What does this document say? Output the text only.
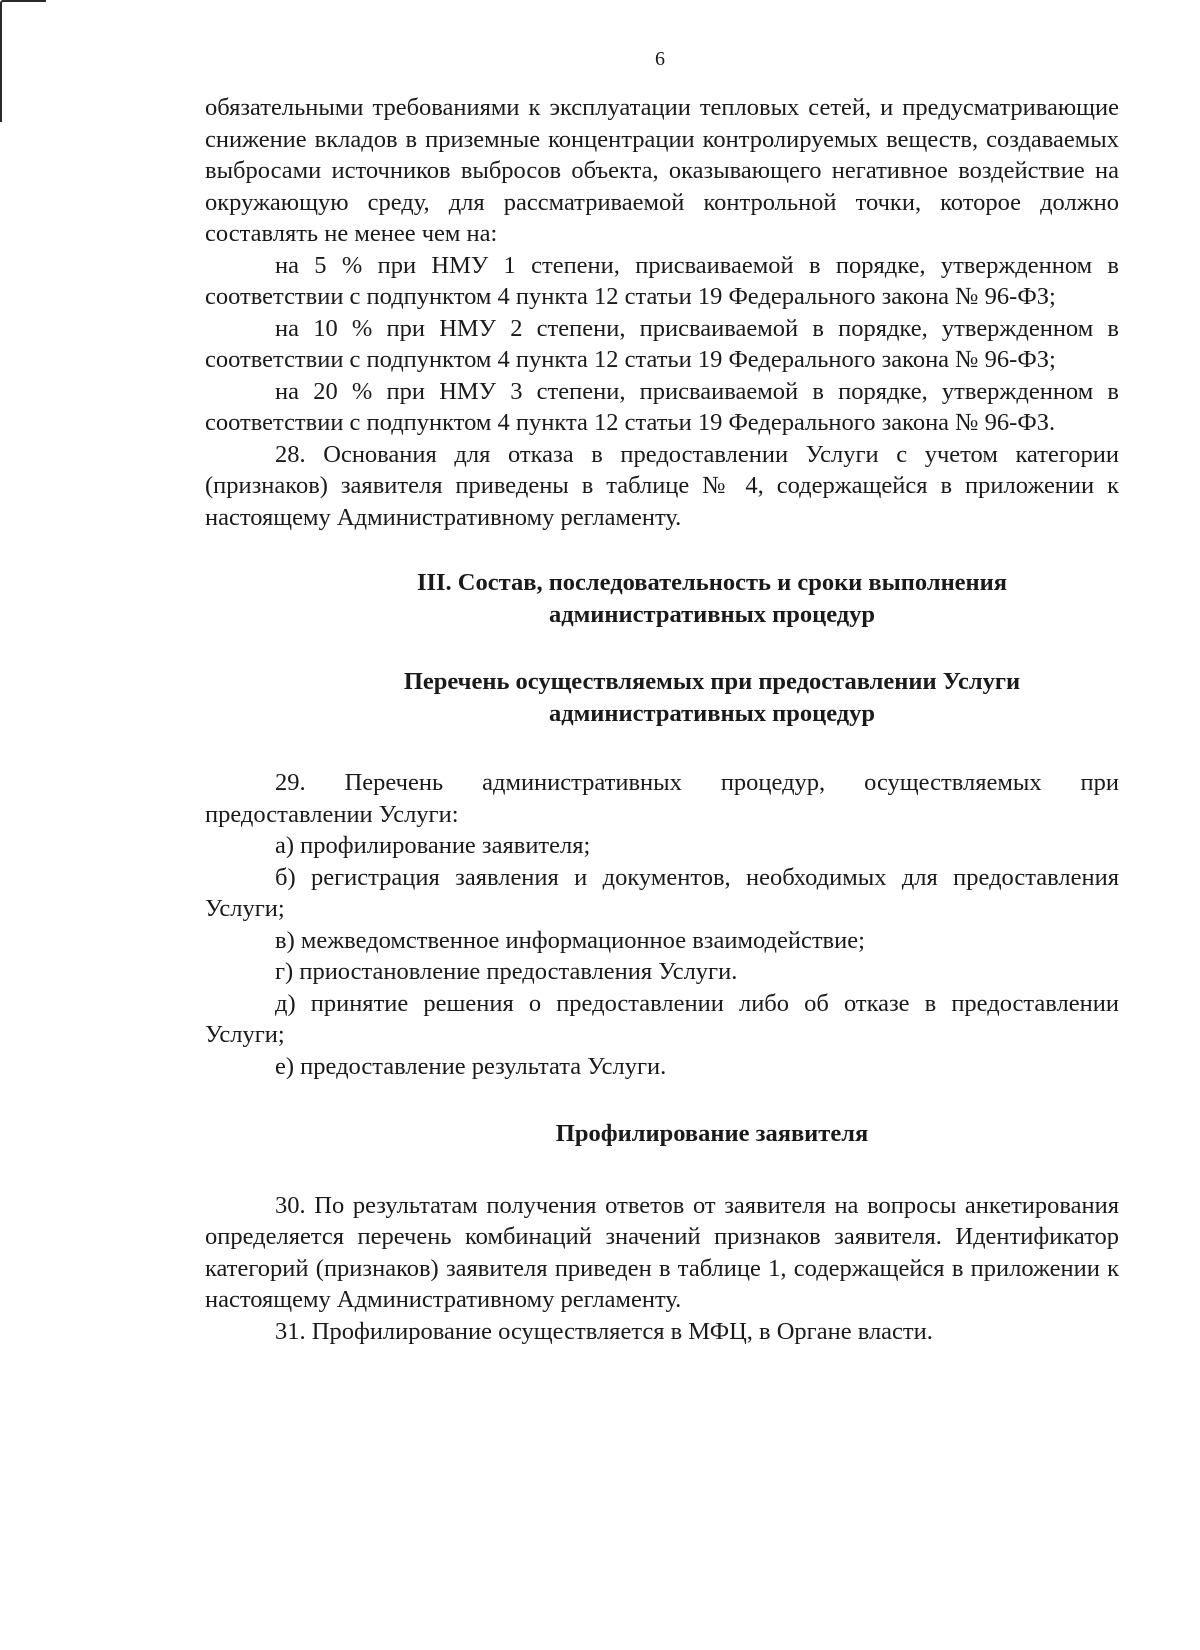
6

обязательными требованиями к эксплуатации тепловых сетей, и предусматривающие снижение вкладов в приземные концентрации контролируемых веществ, создаваемых выбросами источников выбросов объекта, оказывающего негативное воздействие на окружающую среду, для рассматриваемой контрольной точки, которое должно составлять не менее чем на:

на 5 % при НМУ 1 степени, присваиваемой в порядке, утвержденном в соответствии с подпунктом 4 пункта 12 статьи 19 Федерального закона № 96-ФЗ;

на 10 % при НМУ 2 степени, присваиваемой в порядке, утвержденном в соответствии с подпунктом 4 пункта 12 статьи 19 Федерального закона № 96-ФЗ;

на 20 % при НМУ 3 степени, присваиваемой в порядке, утвержденном в соответствии с подпунктом 4 пункта 12 статьи 19 Федерального закона № 96-ФЗ.

28. Основания для отказа в предоставлении Услуги с учетом категории (признаков) заявителя приведены в таблице № 4, содержащейся в приложении к настоящему Административному регламенту.

III. Состав, последовательность и сроки выполнения

административных процедур

Перечень осуществляемых при предоставлении Услуги

административных процедур

29. Перечень административных процедур, осуществляемых при предоставлении Услуги:

а) профилирование заявителя;

б) регистрация заявления и документов, необходимых для предоставления Услуги;

в) межведомственное информационное взаимодействие;

г) приостановление предоставления Услуги.

д) принятие решения о предоставлении либо об отказе в предоставлении Услуги;

е) предоставление результата Услуги.

Профилирование заявителя

30. По результатам получения ответов от заявителя на вопросы анкетирования определяется перечень комбинаций значений признаков заявителя. Идентификатор категорий (признаков) заявителя приведен в таблице 1, содержащейся в приложении к настоящему Административному регламенту.

31. Профилирование осуществляется в МФЦ, в Органе власти.
